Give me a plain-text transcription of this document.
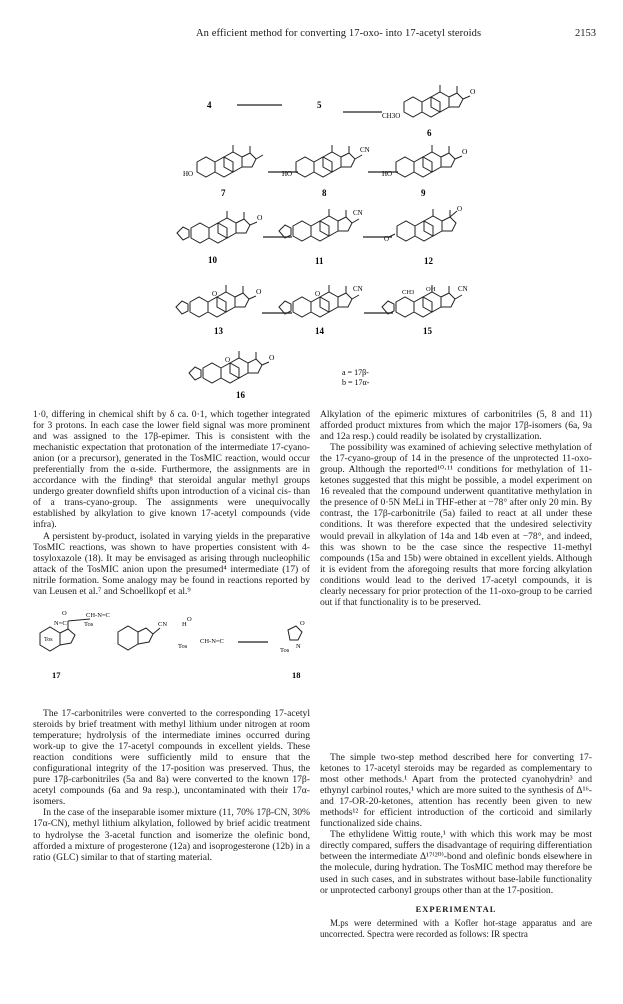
An efficient method for converting 17-oxo- into 17-acetyl steroids	2153
4	5
O
CH3O
6
HO
7
CN
HO
8
O
HO
9
O
10
CN
11
O
O
12
O
O
13
CN
O
14
CN
CH3 OH
15
O
O
16
a = 17β-
b = 17α-
N=C
CH-N=C
Tos
Tos
O
17
CN H
O
Tos
CH-N=C
Tos
N
O
18

1·0, differing in chemical shift by δ ca. 0·1, which together integrated for 3 protons. In each case the lower field signal was more prominent and was assigned to the 17β-epimer. This is consistent with the mechanistic expectation that protonation of the intermediate 17-cyano-anion (or a precursor), generated in the TosMIC reaction, would occur preferentially from the α-side. Furthermore, the assignments are in accordance with the finding⁸ that steroidal angular methyl groups undergo greater downfield shifts upon introduction of a vicinal cis- than of a trans-cyano-group. The assignments were unequivocally established by alkylation to give known 17-acetyl compounds (vide infra).

A persistent by-product, isolated in varying yields in the preparative TosMIC reactions, was shown to have properties consistent with 4-tosyloxazole (18). It may be envisaged as arising through nucleophilic attack of the TosMIC anion upon the presumed⁴ intermediate (17) of nitrile formation. Some analogy may be found in reactions reported by van Leusen et al.⁷ and Schoellkopf et al.⁹

The 17-carbonitriles were converted to the corresponding 17-acetyl steroids by brief treatment with methyl lithium under nitrogen at room temperature; hydrolysis of the intermediate imines occurred during work-up to give the 17-acetyl compounds in excellent yields. These reaction conditions were sufficiently mild to ensure that the configurational integrity of the 17-position was preserved. Thus, the pure 17β-carbonitriles (5a and 8a) were converted to the known 17β-acetyl compounds (6a and 9a resp.), uncontaminated with their 17α-isomers.

In the case of the inseparable isomer mixture (11, 70% 17β-CN, 30% 17α-CN), methyl lithium alkylation, followed by brief acidic treatment to hydrolyse the 3-acetal function and isomerize the olefinic bond, afforded a mixture of progesterone (12a) and isoprogesterone (12b) in a ratio (GLC) similar to that of starting material.

Alkylation of the epimeric mixtures of carbonitriles (5, 8 and 11) afforded product mixtures from which the major 17β-isomers (6a, 9a and 12a resp.) could readily be isolated by crystallization.

The possibility was examined of achieving selective methylation of the 17-cyano-group of 14 in the presence of the unprotected 11-oxo-group. Although the reported¹⁰·¹¹ conditions for methylation of 11-ketones suggested that this might be possible, a model experiment on 16 revealed that the compound underwent quantitative methylation in the presence of 0·5N MeLi in THF-ether at −78° after only 20 min. By contrast, the 17β-carbonitrile (5a) failed to react at all under these conditions. It was therefore expected that the undesired selectivity would prevail in alkylation of 14a and 14b even at −78°, and indeed, this was shown to be the case since the respective 11-methyl compounds (15a and 15b) were obtained in excellent yields. Although it is evident from the aforegoing results that more forcing alkylation conditions would lead to the derived 17-acetyl compounds, it is clearly necessary for prior protection of the 11-oxo-group to be carried out if that functionality is to be preserved.

The simple two-step method described here for converting 17-ketones to 17-acetyl steroids may be regarded as complementary to most other methods.¹ Apart from the protected cyanohydrin³ and ethynyl carbinol routes,¹ which are more suited to the synthesis of Δ¹⁶-and 17-OR-20-ketones, attention has recently been given to new methods¹² for efficient introduction of the corticoid and similarly functionalized side chains.

The ethylidene Wittig route,¹ with which this work may be most directly compared, suffers the disadvantage of requiring differentiation between the intermediate Δ¹⁷⁽²⁰⁾-bond and olefinic bonds elsewhere in the molecule, during hydration. The TosMIC method may therefore be used in such cases, and in substrates without base-labile functionality or unprotected carbonyl groups other than at the 17-position.

EXPERIMENTAL

M.ps were determined with a Kofler hot-stage apparatus and are uncorrected. Spectra were recorded as follows: IR spectra
